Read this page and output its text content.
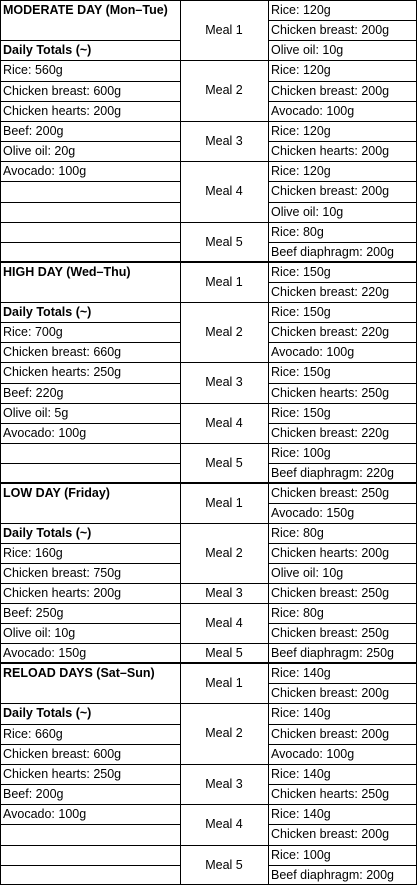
MODERATE DAY (Mon–Tue)
Daily Totals (~)
Rice: 560g
Chicken breast: 600g
Chicken hearts: 200g
Beef: 200g
Olive oil: 20g
Avocado: 100g
Meal 1
Rice: 120g
Chicken breast: 200g
Olive oil: 10g
Meal 2
Rice: 120g
Chicken breast: 200g
Avocado: 100g
Meal 3
Rice: 120g
Chicken hearts: 200g
Meal 4
Rice: 120g
Chicken breast: 200g
Olive oil: 10g
Meal 5
Rice: 80g
Beef diaphragm: 200g
HIGH DAY (Wed–Thu)
Daily Totals (~)
Rice: 700g
Chicken breast: 660g
Chicken hearts: 250g
Beef: 220g
Olive oil: 5g
Avocado: 100g
Meal 1
Rice: 150g
Chicken breast: 220g
Meal 2
Rice: 150g
Chicken breast: 220g
Avocado: 100g
Meal 3
Rice: 150g
Chicken hearts: 250g
Meal 4
Rice: 150g
Chicken breast: 220g
Meal 5
Rice: 100g
Beef diaphragm: 220g
LOW DAY (Friday)
Daily Totals (~)
Rice: 160g
Chicken breast: 750g
Chicken hearts: 200g
Beef: 250g
Olive oil: 10g
Avocado: 150g
Meal 1
Chicken breast: 250g
Avocado: 150g
Meal 2
Rice: 80g
Chicken hearts: 200g
Olive oil: 10g
Meal 3	Chicken breast: 250g
Meal 4
Rice: 80g
Chicken breast: 250g
Meal 5	Beef diaphragm: 250g
RELOAD DAYS (Sat–Sun)
Daily Totals (~)
Rice: 660g
Chicken breast: 600g
Chicken hearts: 250g
Beef: 200g
Avocado: 100g
Meal 1
Rice: 140g
Chicken breast: 200g
Meal 2
Rice: 140g
Chicken breast: 200g
Avocado: 100g
Meal 3
Rice: 140g
Chicken hearts: 250g
Meal 4
Rice: 140g
Chicken breast: 200g
Meal 5
Rice: 100g
Beef diaphragm: 200g
